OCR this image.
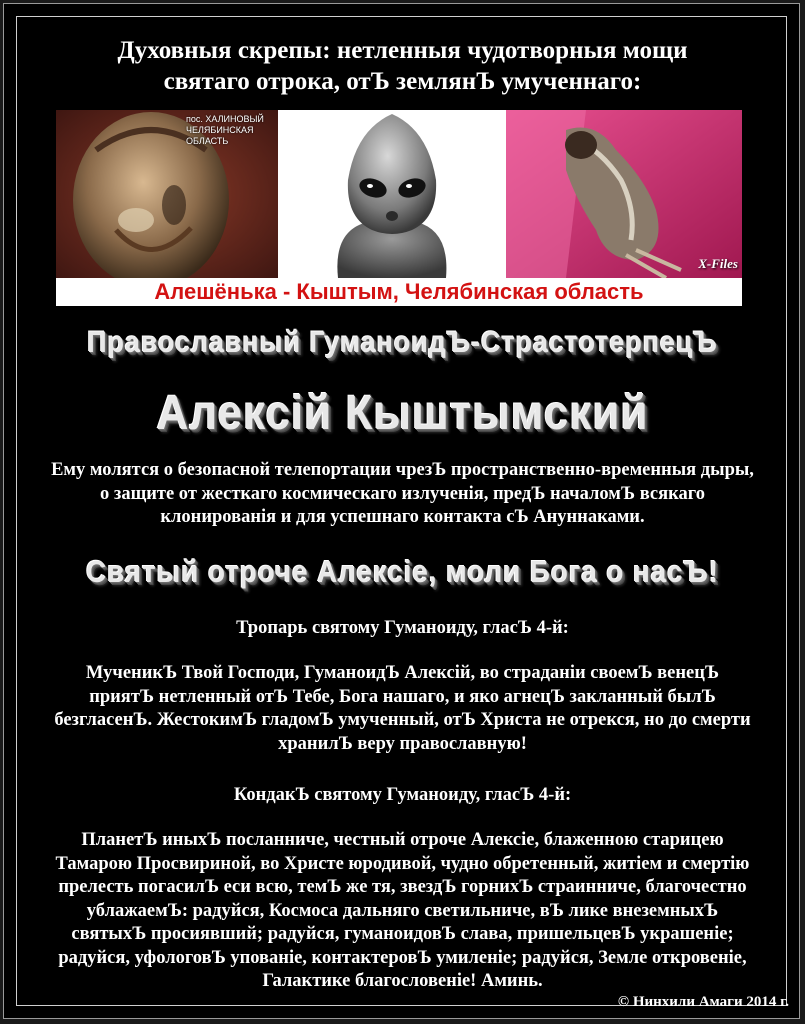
Духовныя скрепы: нетленныя чудотворныя мощи
святаго отрока, отЪ землянЪ умученнаго:
пос. ХАЛИНОВЫЙ
ЧЕЛЯБИНСКАЯ ОБЛАСТЬ
X-Files
Алешёнька - Кыштым, Челябинская область
Православный ГуманоидЪ-СтрастотерпецЪ
Алексiй Кыштымский
Ему молятся о безопасной телепортации чрезЪ пространственно-временныя дыры,
о защите от жесткаго космическаго излученiя, предЪ началомЪ всякаго
клонированiя и для успешнаго контакта сЪ Ануннаками.
Святый отроче Алексiе, моли Бога о насЪ!
Тропарь святому Гуманоиду, гласЪ 4-й:
МученикЪ Твой Господи, ГуманоидЪ Алексiй, во страданiи своемЪ венецЪ
приятЪ нетленный отЪ Тебе, Бога нашаго, и яко агнецЪ закланный былЪ
безгласенЪ. ЖестокимЪ гладомЪ умученный, отЪ Христа не отрекся, но до смерти
хранилЪ веру православную!
КондакЪ святому Гуманоиду, гласЪ 4-й:
ПланетЪ иныхЪ посланниче, честный отроче Алексiе, блаженною старицею
Тамарою Просвириной, во Христе юродивой, чудно обретенный, житiем и смертiю
прелесть погасилЪ еси всю, темЪ же тя, звездЪ горнихЪ страинниче, благочестно
ублажаемЪ: радуйся, Космоса дальняго светильниче, вЪ лике внеземныхЪ
святыхЪ просиявший; радуйся, гуманоидовЪ слава, пришельцевЪ украшенiе;
радуйся, уфологовЪ упованiе, контактеровЪ умиленiе; радуйся, Земле откровенiе,
Галактике благословенiе! Аминь.
© Нинхили Амаги 2014 г.
